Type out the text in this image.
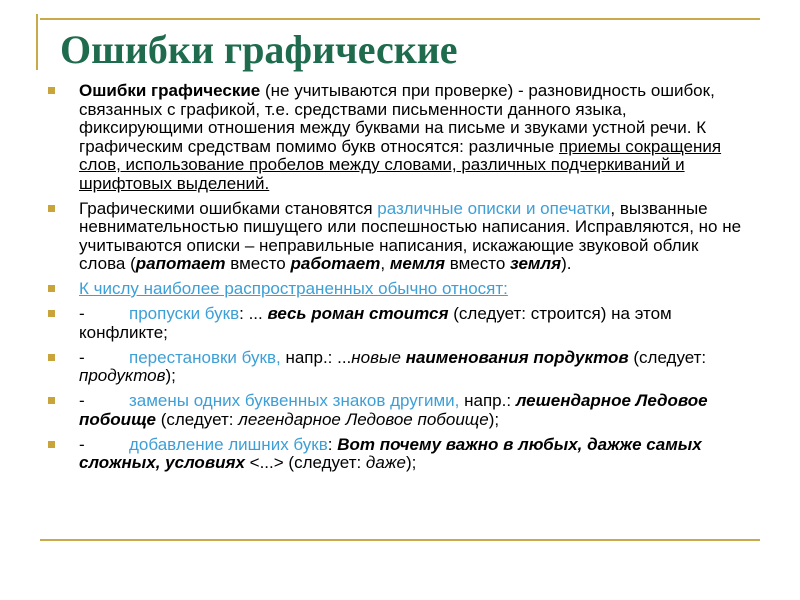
Ошибки графические
Ошибки графические (не учитываются при проверке) - разновидность ошибок, связанных с графикой, т.е. средствами письменности данного языка, фиксирующими отношения между буквами на письме и звуками устной речи. К графическим средствам помимо букв относятся: различные приемы сокращения слов, использование пробелов между словами, различных подчеркиваний и шрифтовых выделений.
Графическими ошибками становятся различные описки и опечатки, вызванные невнимательностью пишущего или поспешностью написания. Исправляются, но не учитываются описки – неправильные написания, искажающие звуковой облик слова (рапотает вместо работает, мемля вместо земля).
К числу наиболее распространенных обычно относят:
-	пропуски букв: ... весь роман стоится (следует: строится) на этом конфликте;
-	перестановки букв, напр.: ...новые наименования пордуктов (следует: продуктов);
-	замены одних буквенных знаков другими, напр.: лешендарное Ледовое побоище (следует: легендарное Ледовое побоище);
-	добавление лишних букв: Вот почему важно в любых, дажже самых сложных, условиях <...> (следует: даже);
